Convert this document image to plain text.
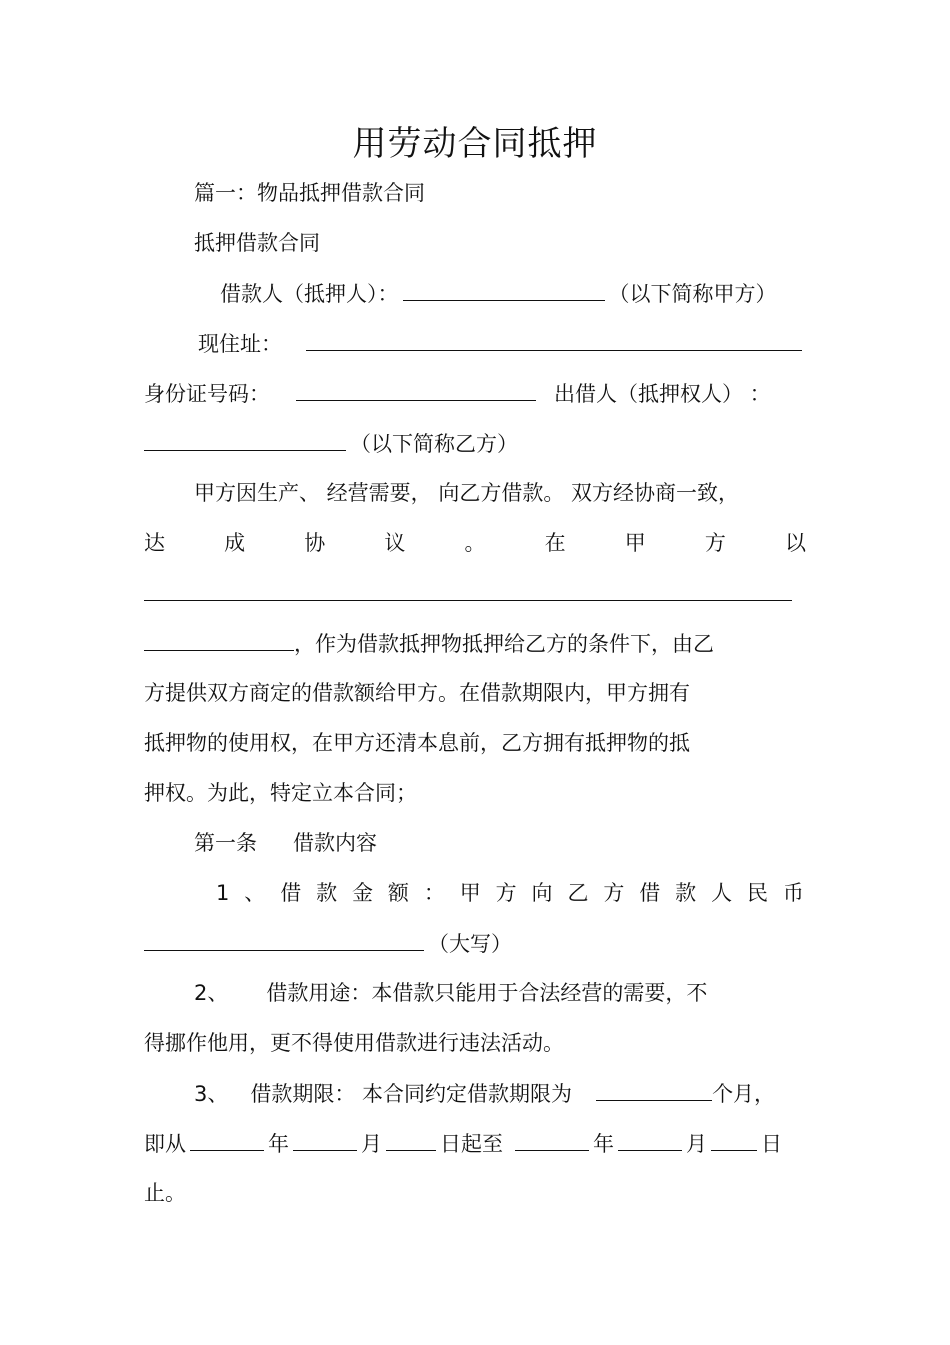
用劳动合同抵押
篇一：物品抵押借款合同
抵押借款合同
借款人（抵押人）：	（以下简称甲方）
现住址：
身份证号码：	出借人（抵押权人） ：
（以下简称乙方）
甲方因生产、 经营需要， 向乙方借款。 双方经协商一致，
达	成	协	议	。	在	甲	方	以
，作为借款抵押物抵押给乙方的条件下，由乙
方提供双方商定的借款额给甲方。在借款期限内，甲方拥有
抵押物的使用权，在甲方还清本息前，乙方拥有抵押物的抵
押权。为此，特定立本合同；
第一条 借款内容
1 、 借 款 金 额 ： 甲 方 向 乙 方 借 款 人 民 币
（大写）
2、 借款用途：本借款只能用于合法经营的需要，不
得挪作他用，更不得使用借款进行违法活动。
3、 借款期限： 本合同约定借款期限为	个月，
即从	年	月	日起至	年	月	日
止。
